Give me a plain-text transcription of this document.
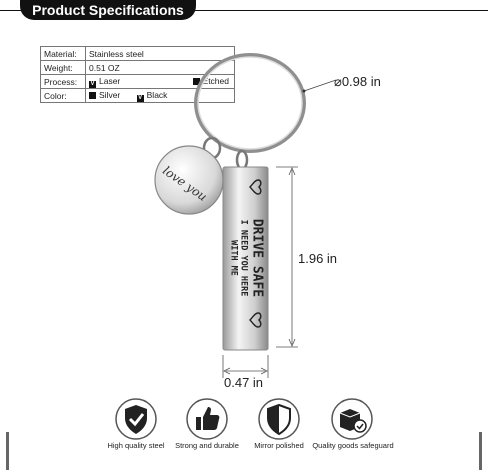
Product Specifications
Material:	Stainless steel
Weight:	0.51 OZ
Process:	V Laser Etched

Color:	Silver V Black
love you
DRIVE SAFE
I NEED YOU HERE
WITH ME
⌀0.98 in
1.96 in
0.47 in
High quality steel	Strong and durable	Mirror polished	Quality goods safeguard
